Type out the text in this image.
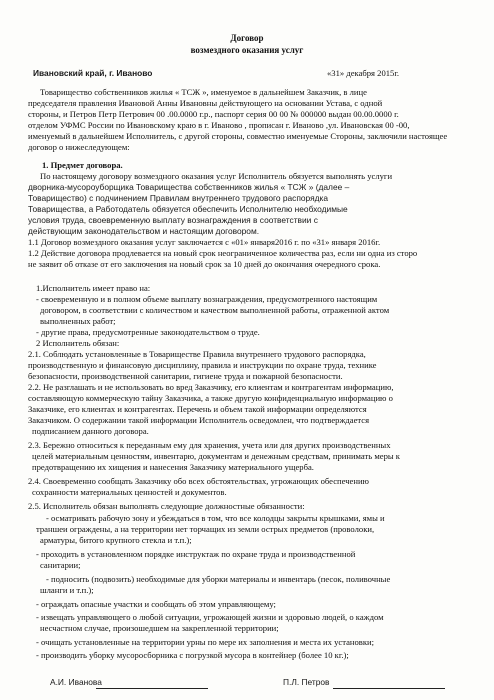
Договор
возмездного оказания услуг
Ивановский край, г. Иваново	«31» декабря 2015г.
Товарищество собственников жилья « ТСЖ », именуемое в дальнейшем Заказчик, в лице
председателя правления Ивановой Анны Ивановны действующего на основании Устава, с одной
стороны, и Петров Петр Петрович 00 .00.0000 г.р., паспорт серия 00 00 № 000000 выдан 00.00.0000 г.
отделом УФМС России по Ивановскому краю в г. Иваново , прописан г. Иваново ,ул. Ивановская 00 -00,
именуемый в дальнейшем Исполнитель, с другой стороны, совместно именуемые Стороны, заключили настоящее
договор о нижеследующем:
1. Предмет договора.
По настоящему договору возмездного оказания услуг Исполнитель обязуется выполнять услуги
дворника-мусороуборщика Товарищества собственников жилья « ТСЖ » (далее –
Товарищество) с подчинением Правилам внутреннего трудового распорядка
Товарищества, а Работодатель обязуется обеспечить Исполнителю необходимые
условия труда, своевременную выплату вознаграждения в соответствии с
действующим законодательством и настоящим договором.
1.1 Договор возмездного оказания услуг заключается с «01» января2016 г. по «31» января 2016г.
1.2 Действие договора продлевается на новый срок неограниченное количества раз, если ни одна из сторо
не заявит об отказе от его заключения на новый срок за 10 дней до окончания очередного срока.
1.Исполнитель имеет право на:
- своевременную и в полном объеме выплату вознаграждения, предусмотренного настоящим
договором, в соответствии с количеством и качеством выполненной работы, отраженной актом
выполненных работ;
- другие права, предусмотренные законодательством о труде.
2 Исполнитель обязан:
2.1. Соблюдать установленные в Товариществе Правила внутреннего трудового распорядка,
производственную и финансовую дисциплину, правила и инструкции по охране труда, технике
безопасности, производственной санитарии, гигиене труда и пожарной безопасности.
2.2. Не разглашать и не использовать во вред Заказчику, его клиентам и контрагентам информацию,
составляющую коммерческую тайну Заказчика, а также другую конфиденциальную информацию о
Заказчике, его клиентах и контрагентах. Перечень и объем такой информации определяются
Заказчиком. О содержании такой информации Исполнитель осведомлен, что подтверждается
подписанием данного договора.
2.3. Бережно относиться к переданным ему для хранения, учета или для других производственных
целей материальным ценностям, инвентарю, документам и денежным средствам, принимать меры к
предотвращению их хищения и нанесения Заказчику материального ущерба.
2.4. Своевременно сообщать Заказчику обо всех обстоятельствах, угрожающих обеспечению
сохранности материальных ценностей и документов.
2.5. Исполнитель обязан выполнять следующие должностные обязанности:
- осматривать рабочую зону и убеждаться в том, что все колодцы закрыты крышками, ямы и
траншеи ограждены, а на территории нет торчащих из земли острых предметов (проволоки,
арматуры, битого крупного стекла и т.п.);
- проходить в установленном порядке инструктаж по охране труда и производственной
санитарии;
- подносить (подвозить) необходимые для уборки материалы и инвентарь (песок, поливочные
шланги и т.п.);
- ограждать опасные участки и сообщать об этом управляющему;
- извещать управляющего о любой ситуации, угрожающей жизни и здоровью людей, о каждом
несчастном случае, произошедшем на закрепленной территории;
- очищать установленные на территории урны по мере их заполнения и места их установки;
- производить уборку мусоросборника с погрузкой мусора в контейнер (более 10 кг.);
А.И. Иванова	П.Л. Петров
